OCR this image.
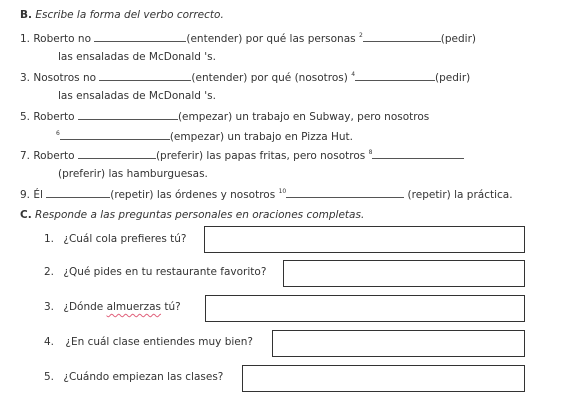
B. Escribe la forma del verbo correcto.
1. Roberto no	(entender) por qué las personas $^2$	(pedir)
las ensaladas de McDonald 's.
3. Nosotros no	(entender) por qué (nosotros) $^4$	(pedir)
las ensaladas de McDonald 's.
5. Roberto	(empezar) un trabajo en Subway, pero nosotros
$^6$	(empezar) un trabajo en Pizza Hut.
7. Roberto	(preferir) las papas fritas, pero nosotros $^8$
(preferir) las hamburguesas.
9. Él	(repetir) las órdenes y nosotros $^{10}$	(repetir) la práctica.
C. Responde a las preguntas personales en oraciones completas.
1. ¿Cuál cola prefieres tú?
2. ¿Qué pides en tu restaurante favorito?
3. ¿Dónde almuerzas tú?
4. ¿En cuál clase entiendes muy bien?
5. ¿Cuándo empiezan las clases?
